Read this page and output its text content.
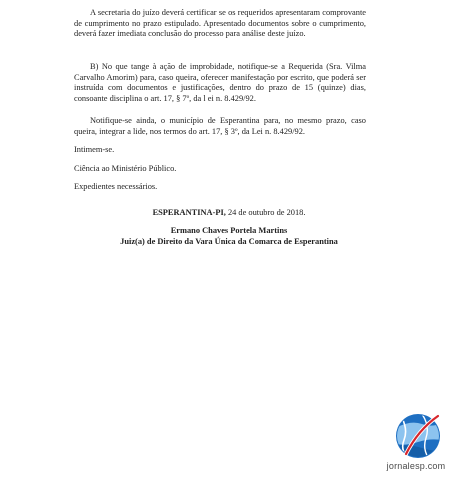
A secretaria do juízo deverá certificar se os requeridos apresentaram comprovante de cumprimento no prazo estipulado. Apresentado documentos sobre o cumprimento, deverá fazer imediata conclusão do processo para análise deste juízo.

B) No que tange à ação de improbidade, notifique-se a Requerida (Sra. Vilma Carvalho Amorim) para, caso queira, oferecer manifestação por escrito, que poderá ser instruída com documentos e justificações, dentro do prazo de 15 (quinze) dias, consoante disciplina o art. 17, § 7º, da l ei n. 8.429/92.

Notifique-se ainda, o município de Esperantina para, no mesmo prazo, caso queira, integrar a lide, nos termos do art. 17, § 3º, da Lei n. 8.429/92.

Intimem-se.

Ciência ao Ministério Público.

Expedientes necessários.

ESPERANTINA-PI, 24 de outubro de 2018.
Ermano Chaves Portela Martins
Juiz(a) de Direito da Vara Única da Comarca de Esperantina
jornalesp.com
